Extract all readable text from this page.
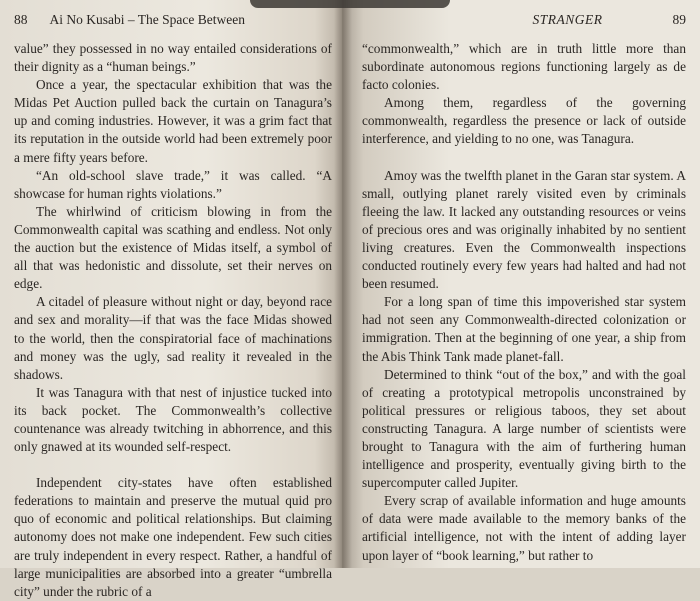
88	Ai No Kusabi – The Space Between

value” they possessed in no way entailed considerations of their dignity as a “human beings.”

Once a year, the spectacular exhibition that was the Midas Pet Auction pulled back the curtain on Tanagura’s up and coming industries. However, it was a grim fact that its reputation in the outside world had been extremely poor a mere fifty years before.

“An old-school slave trade,” it was called. “A showcase for human rights violations.”

The whirlwind of criticism blowing in from the Commonwealth capital was scathing and endless. Not only the auction but the existence of Midas itself, a symbol of all that was hedonistic and dissolute, set their nerves on edge.

A citadel of pleasure without night or day, beyond race and sex and morality—if that was the face Midas showed to the world, then the conspiratorial face of machinations and money was the ugly, sad reality it revealed in the shadows.

It was Tanagura with that nest of injustice tucked into its back pocket. The Commonwealth’s collective countenance was already twitching in abhorrence, and this only gnawed at its wounded self-respect.

Independent city-states have often established federations to maintain and preserve the mutual quid pro quo of economic and political relationships. But claiming autonomy does not make one independent. Few such cities are truly independent in every respect. Rather, a handful of large municipalities are absorbed into a greater “umbrella city” under the rubric of a

STRANGER	89

“commonwealth,” which are in truth little more than subordinate autonomous regions functioning largely as de facto colonies.

Among them, regardless of the governing commonwealth, regardless the presence or lack of outside interference, and yielding to no one, was Tanagura.

Amoy was the twelfth planet in the Garan star system. A small, outlying planet rarely visited even by criminals fleeing the law. It lacked any outstanding resources or veins of precious ores and was originally inhabited by no sentient living creatures. Even the Commonwealth inspections conducted routinely every few years had halted and had not been resumed.

For a long span of time this impoverished star system had not seen any Commonwealth-directed colonization or immigration. Then at the beginning of one year, a ship from the Abis Think Tank made planet-fall.

Determined to think “out of the box,” and with the goal of creating a prototypical metropolis unconstrained by political pressures or religious taboos, they set about constructing Tanagura. A large number of scientists were brought to Tanagura with the aim of furthering human intelligence and prosperity, eventually giving birth to the supercomputer called Jupiter.

Every scrap of available information and huge amounts of data were made available to the memory banks of the artificial intelligence, not with the intent of adding layer upon layer of “book learning,” but rather to
